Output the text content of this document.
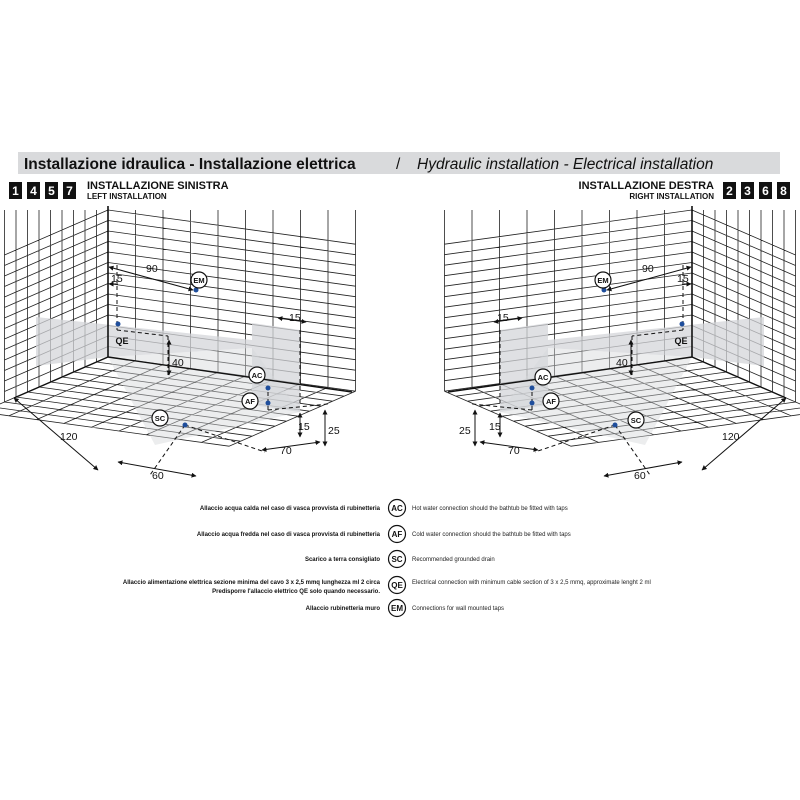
Installazione idraulica - Installazione elettrica	/ Hydraulic installation - Electrical installation
1 4 5 7 INSTALLAZIONE SINISTRA
LEFT INSTALLATION
INSTALLAZIONE DESTRA
RIGHT INSTALLATION 2 3 6 8
90
15
40
15
15 25
70
120
60
EM
QE
AC
AF
SC
90
15
40
15
15
25
70
120
60
EM
QE
AC
AF
SC
Allaccio acqua calda nel caso di vasca provvista di rubinetteria AC Hot water connection should the bathtub be fitted with taps
Allaccio acqua fredda nel caso di vasca provvista di rubinetteria AF Cold water connection should the bathtub be fitted with taps
Scarico a terra consigliato SC Recommended grounded drain
Allaccio alimentazione elettrica sezione minima del cavo 3 x 2,5 mmq lunghezza ml 2 circa
Predisporre l'allaccio elettrico QE solo quando necessario.
QE Electrical connection with minimum cable section of 3 x 2,5 mmq, approximate lenght 2 ml
Allaccio rubinetteria muro EM Connections for wall mounted taps
